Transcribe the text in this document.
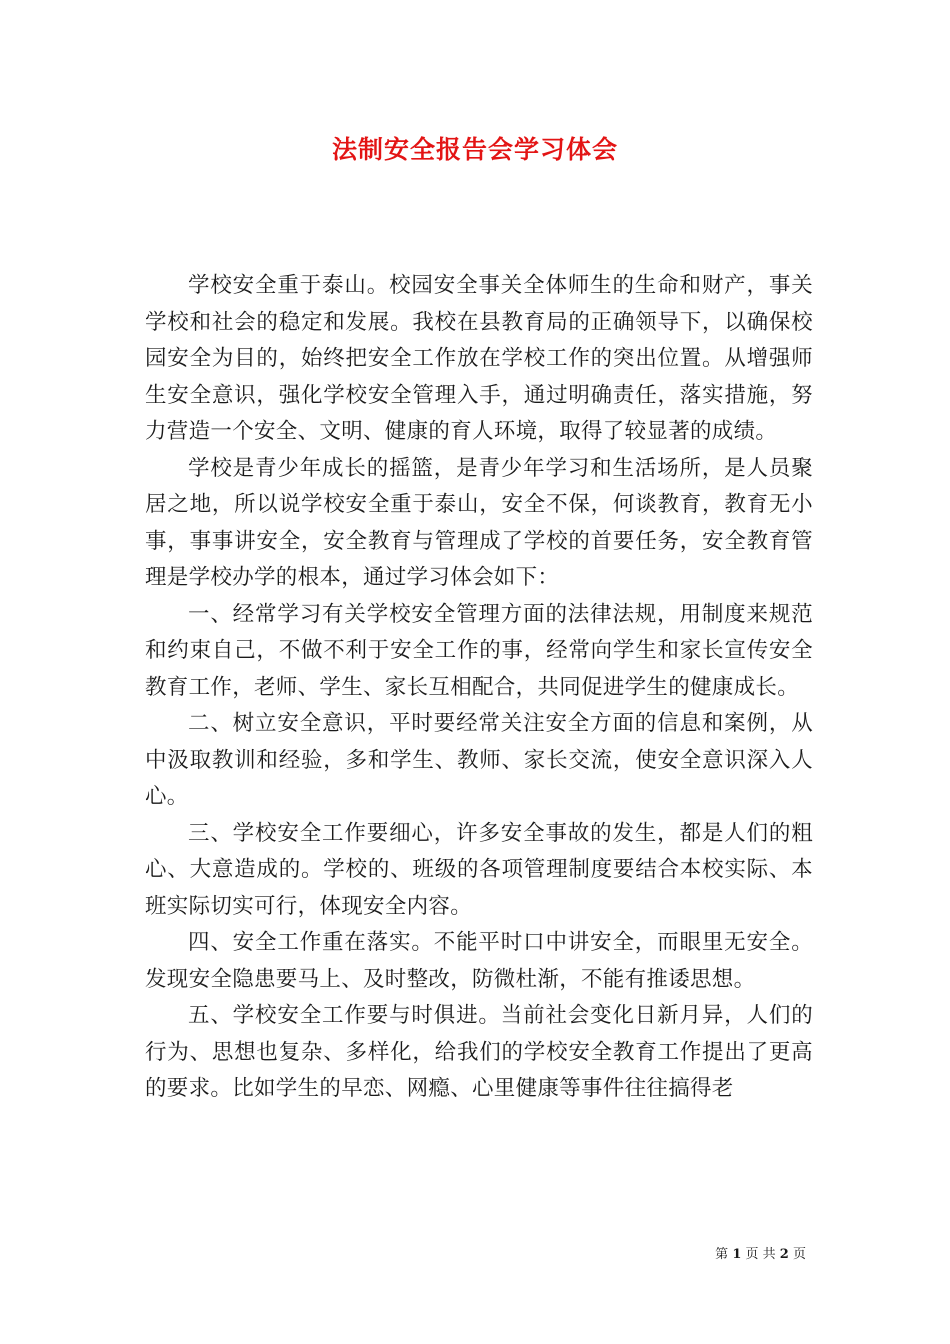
法制安全报告会学习体会

学校安全重于泰山。校园安全事关全体师生的生命和财产，事关学校和社会的稳定和发展。我校在县教育局的正确领导下，以确保校园安全为目的，始终把安全工作放在学校工作的突出位置。从增强师生安全意识，强化学校安全管理入手，通过明确责任，落实措施，努力营造一个安全、文明、健康的育人环境，取得了较显著的成绩。

学校是青少年成长的摇篮，是青少年学习和生活场所，是人员聚居之地，所以说学校安全重于泰山，安全不保，何谈教育，教育无小事，事事讲安全，安全教育与管理成了学校的首要任务，安全教育管理是学校办学的根本，通过学习体会如下：

一、经常学习有关学校安全管理方面的法律法规，用制度来规范和约束自己，不做不利于安全工作的事，经常向学生和家长宣传安全教育工作，老师、学生、家长互相配合，共同促进学生的健康成长。

二、树立安全意识，平时要经常关注安全方面的信息和案例，从中汲取教训和经验，多和学生、教师、家长交流，使安全意识深入人心。

三、学校安全工作要细心，许多安全事故的发生，都是人们的粗心、大意造成的。学校的、班级的各项管理制度要结合本校实际、本班实际切实可行，体现安全内容。

四、安全工作重在落实。不能平时口中讲安全，而眼里无安全。发现安全隐患要马上、及时整改，防微杜渐，不能有推诿思想。

五、学校安全工作要与时俱进。当前社会变化日新月异，人们的行为、思想也复杂、多样化，给我们的学校安全教育工作提出了更高的要求。比如学生的早恋、网瘾、心里健康等事件往往搞得老

第 1 页 共 2 页
